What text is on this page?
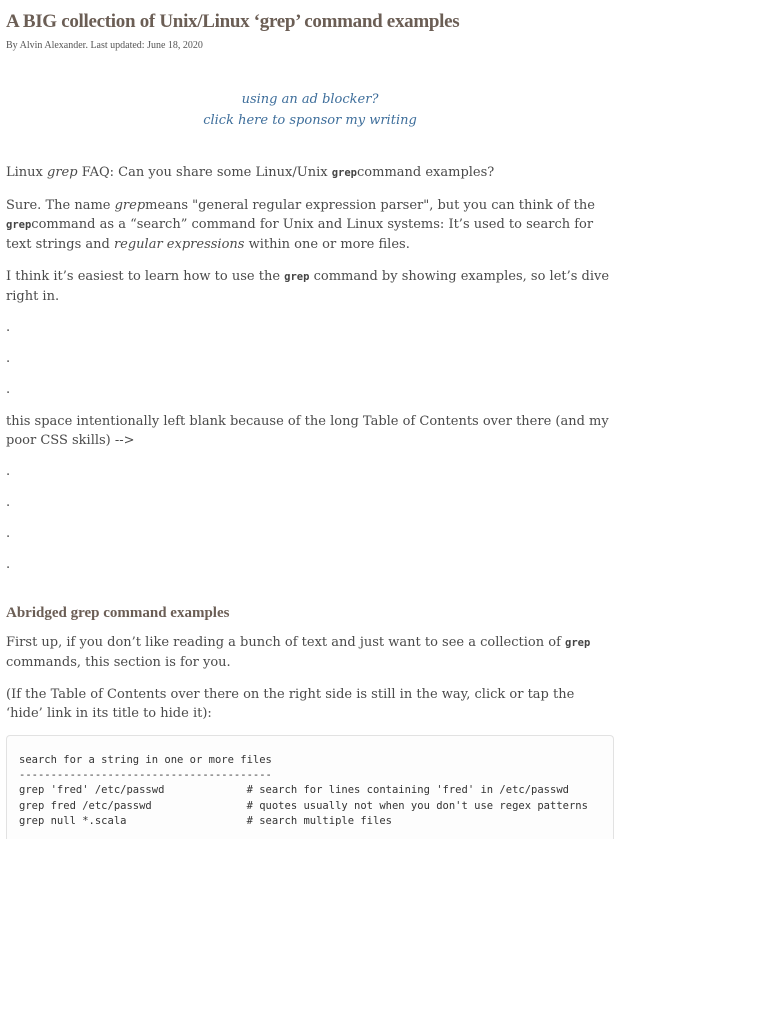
A BIG collection of Unix/Linux ‘grep’ command examples
By Alvin Alexander. Last updated: June 18, 2020
using an ad blocker?
click here to sponsor my writing

Linux grep FAQ: Can you share some Linux/Unix grepcommand examples?

Sure. The name grepmeans "general regular expression parser", but you can think of the grepcommand as a “search” command for Unix and Linux systems: It’s used to search for text strings and regular expressions within one or more files.

I think it’s easiest to learn how to use the grep command by showing examples, so let’s dive right in.

.

.

.

this space intentionally left blank because of the long Table of Contents over there (and my poor CSS skills) -->

.

.

.

.

Abridged grep command examples

First up, if you don’t like reading a bunch of text and just want to see a collection of grep commands, this section is for you.

(If the Table of Contents over there on the right side is still in the way, click or tap the ‘hide’ link in its title to hide it):

search for a string in one or more files
----------------------------------------
grep 'fred' /etc/passwd             # search for lines containing 'fred' in /etc/passwd
grep fred /etc/passwd               # quotes usually not when you don't use regex patterns
grep null *.scala                   # search multiple files
